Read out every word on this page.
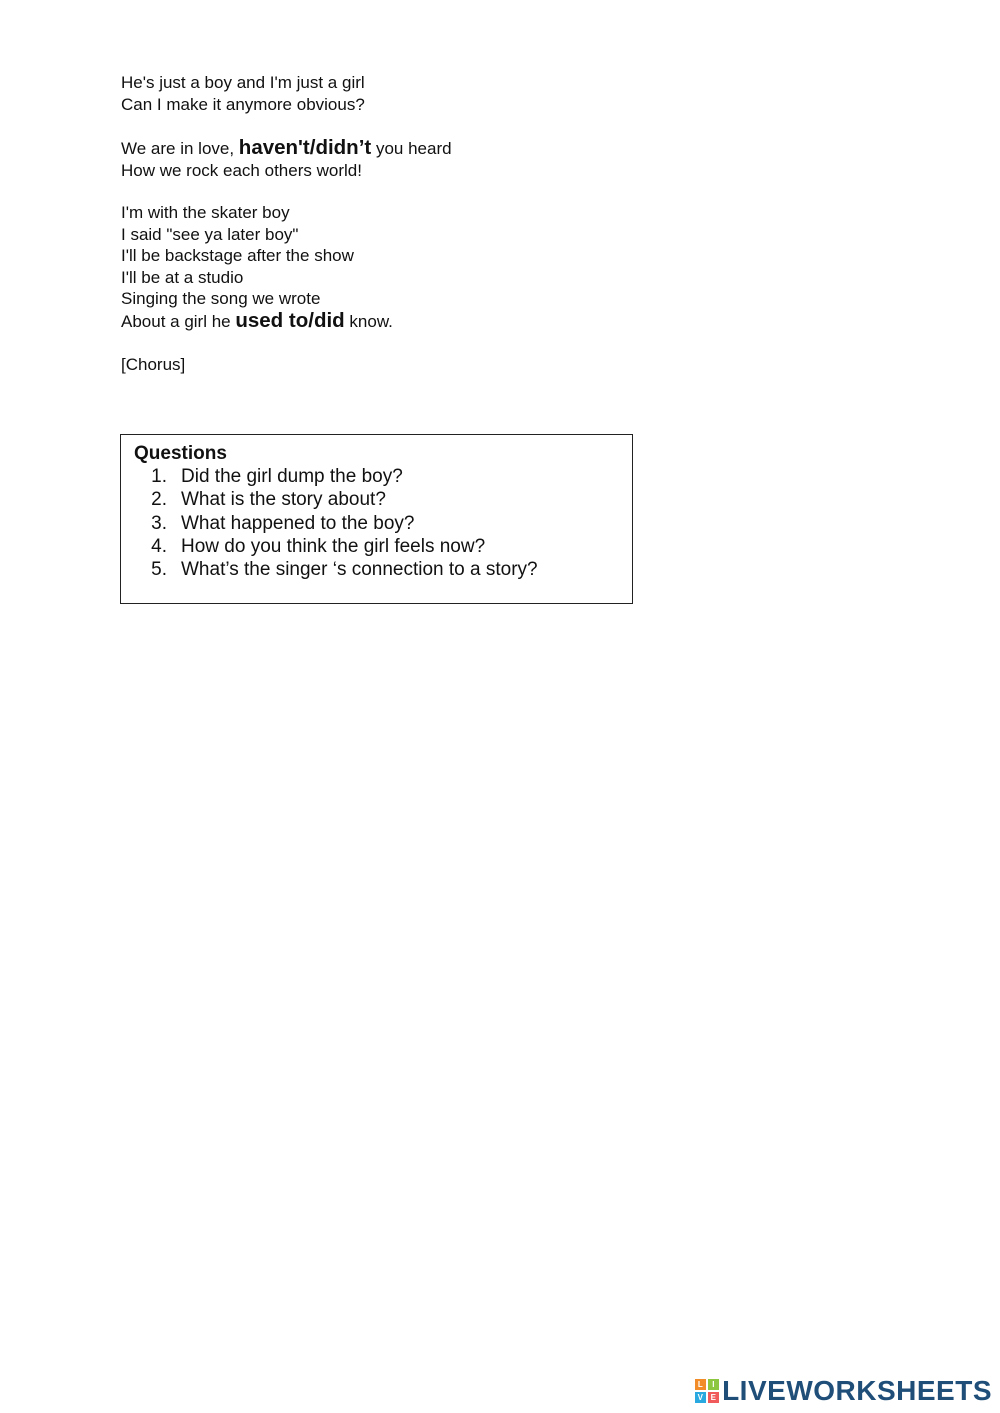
He's just a boy and I'm just a girl
Can I make it anymore obvious?
We are in love, haven't/didn’t you heard
How we rock each others world!
I'm with the skater boy
I said "see ya later boy"
I'll be backstage after the show
I'll be at a studio
Singing the song we wrote
About a girl he used to/did know.
[Chorus]
Questions
1. Did the girl dump the boy?
2. What is the story about?
3. What happened to the boy?
4. How do you think the girl feels now?
5. What’s the singer ‘s connection to a story?
L	I
V E LIVEWORKSHEETS
